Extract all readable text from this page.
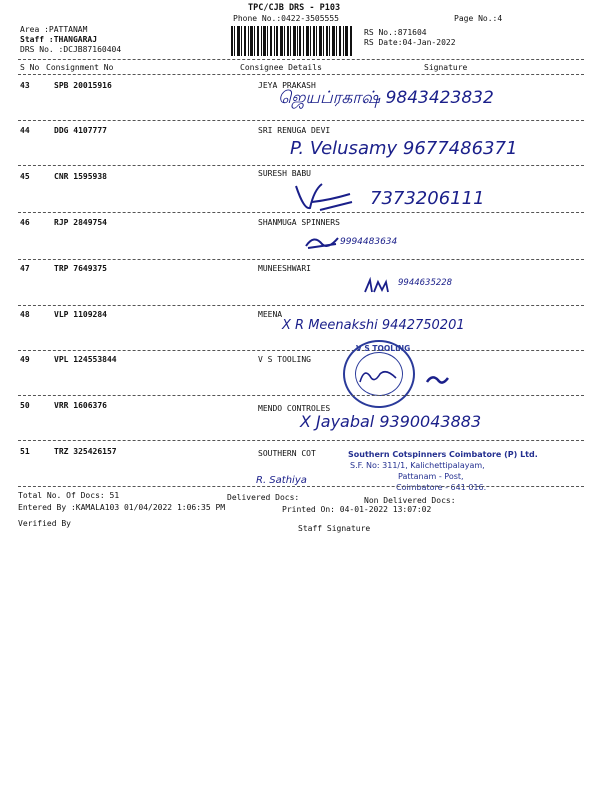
TPC/CJB DRS - P103
Phone No.:0422-3505555	Page No.:4
Area :PATTANAM
Staff :THANGARAJ
DRS No. :DCJB87160404
RS No.:871604
RS Date:04-Jan-2022
S No Consignment No	Consignee Details	Signature
43	SPB 20015916	JEYA PRAKASH
ஜெயப்ரகாஷ் 9843423832
44	DDG 4107777	SRI RENUGA DEVI
P. Velusamy 9677486371
45	CNR 1595938	SURESH BABU
7373206111
46	RJP 2849754	SHANMUGA SPINNERS
9994483634
47	TRP 7649375	MUNEESHWARI
9944635228
48	VLP 1109284	MEENA
X R Meenakshi 9442750201
49	VPL 124553844	V S TOOLING
V S TOOLING
50	VRR 1606376	MENDO CONTROLES
X Jayabal 9390043883
51	TRZ 325426157	SOUTHERN COT
R. Sathiya
Southern Cotspinners Coimbatore (P) Ltd.
S.F. No: 311/1, Kalichettipalayam,
Pattanam - Post,
Coimbatore - 641 016.
Total No. Of Docs: 51	Delivered Docs:	Non Delivered Docs:
Entered By :KAMALA103 01/04/2022 1:06:35 PM	Printed On: 04-01-2022 13:07:02
Verified By
Staff Signature
